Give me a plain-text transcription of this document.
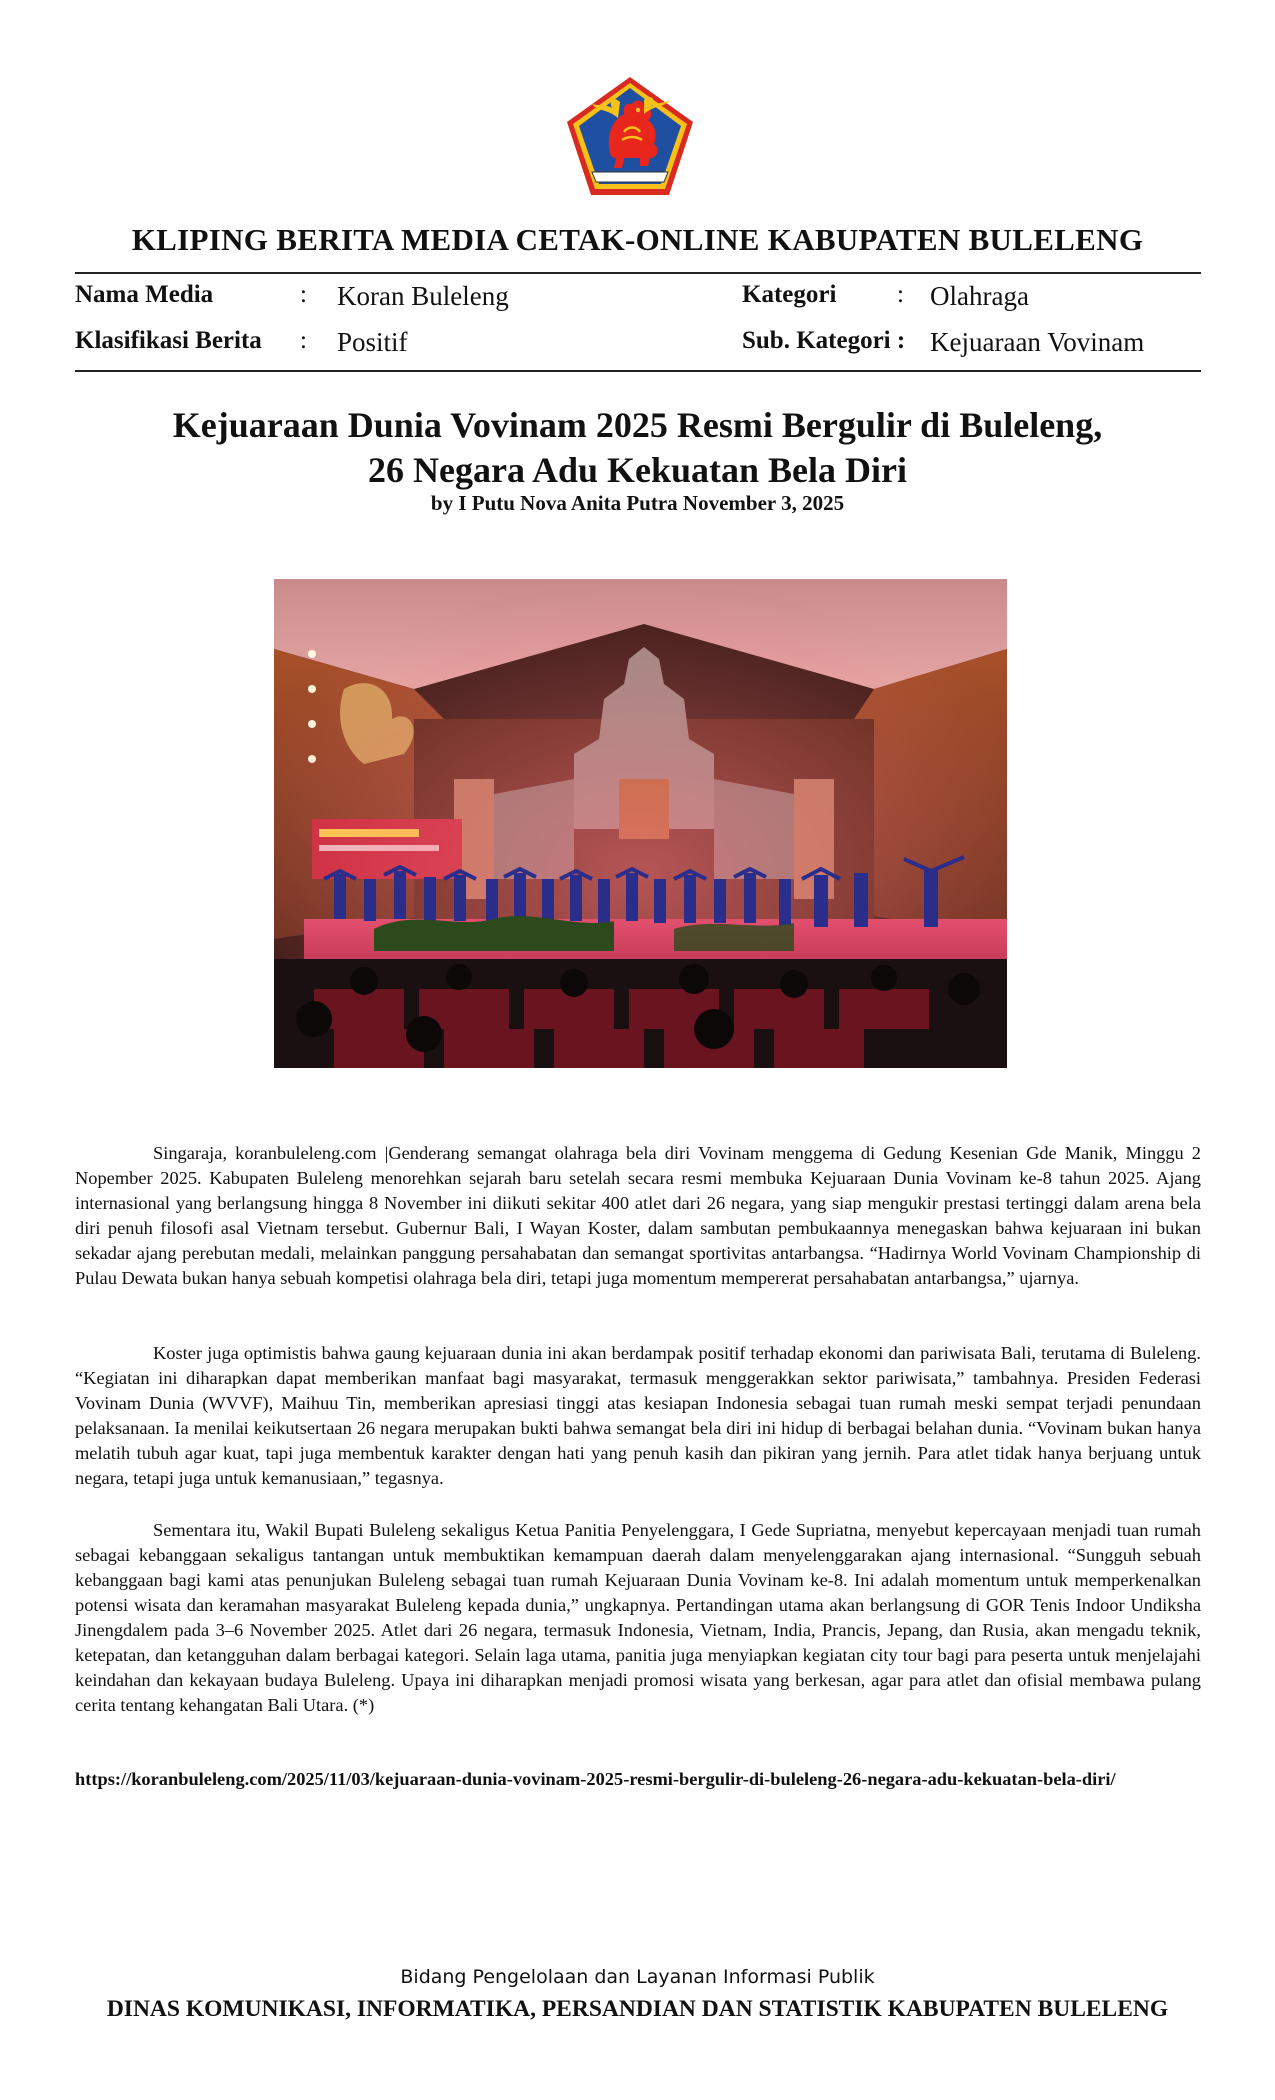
KLIPING BERITA MEDIA CETAK-ONLINE KABUPATEN BULELENG
Nama Media	: Koran Buleleng	Kategori : Olahraga
Klasifikasi Berita : Positif	Sub. Kategori : Kejuaraan Vovinam
Kejuaraan Dunia Vovinam 2025 Resmi Bergulir di Buleleng,
26 Negara Adu Kekuatan Bela Diri
by I Putu Nova Anita Putra November 3, 2025

Singaraja, koranbuleleng.com |Genderang semangat olahraga bela diri Vovinam menggema di Gedung Kesenian Gde Manik, Minggu 2 Nopember 2025. Kabupaten Buleleng menorehkan sejarah baru setelah secara resmi membuka Kejuaraan Dunia Vovinam ke-8 tahun 2025. Ajang internasional yang berlangsung hingga 8 November ini diikuti sekitar 400 atlet dari 26 negara, yang siap mengukir prestasi tertinggi dalam arena bela diri penuh filosofi asal Vietnam tersebut. Gubernur Bali, I Wayan Koster, dalam sambutan pembukaannya menegaskan bahwa kejuaraan ini bukan sekadar ajang perebutan medali, melainkan panggung persahabatan dan semangat sportivitas antarbangsa. “Hadirnya World Vovinam Championship di Pulau Dewata bukan hanya sebuah kompetisi olahraga bela diri, tetapi juga momentum mempererat persahabatan antarbangsa,” ujarnya.

Koster juga optimistis bahwa gaung kejuaraan dunia ini akan berdampak positif terhadap ekonomi dan pariwisata Bali, terutama di Buleleng. “Kegiatan ini diharapkan dapat memberikan manfaat bagi masyarakat, termasuk menggerakkan sektor pariwisata,” tambahnya. Presiden Federasi Vovinam Dunia (WVVF), Maihuu Tin, memberikan apresiasi tinggi atas kesiapan Indonesia sebagai tuan rumah meski sempat terjadi penundaan pelaksanaan. Ia menilai keikutsertaan 26 negara merupakan bukti bahwa semangat bela diri ini hidup di berbagai belahan dunia. “Vovinam bukan hanya melatih tubuh agar kuat, tapi juga membentuk karakter dengan hati yang penuh kasih dan pikiran yang jernih. Para atlet tidak hanya berjuang untuk negara, tetapi juga untuk kemanusiaan,” tegasnya.

Sementara itu, Wakil Bupati Buleleng sekaligus Ketua Panitia Penyelenggara, I Gede Supriatna, menyebut kepercayaan menjadi tuan rumah sebagai kebanggaan sekaligus tantangan untuk membuktikan kemampuan daerah dalam menyelenggarakan ajang internasional. “Sungguh sebuah kebanggaan bagi kami atas penunjukan Buleleng sebagai tuan rumah Kejuaraan Dunia Vovinam ke-8. Ini adalah momentum untuk memperkenalkan potensi wisata dan keramahan masyarakat Buleleng kepada dunia,” ungkapnya. Pertandingan utama akan berlangsung di GOR Tenis Indoor Undiksha Jinengdalem pada 3–6 November 2025. Atlet dari 26 negara, termasuk Indonesia, Vietnam, India, Prancis, Jepang, dan Rusia, akan mengadu teknik, ketepatan, dan ketangguhan dalam berbagai kategori. Selain laga utama, panitia juga menyiapkan kegiatan city tour bagi para peserta untuk menjelajahi keindahan dan kekayaan budaya Buleleng. Upaya ini diharapkan menjadi promosi wisata yang berkesan, agar para atlet dan ofisial membawa pulang cerita tentang kehangatan Bali Utara. (*)

https://koranbuleleng.com/2025/11/03/kejuaraan-dunia-vovinam-2025-resmi-bergulir-di-buleleng-26-negara-adu-kekuatan-bela-diri/
Bidang Pengelolaan dan Layanan Informasi Publik
DINAS KOMUNIKASI, INFORMATIKA, PERSANDIAN DAN STATISTIK KABUPATEN BULELENG
